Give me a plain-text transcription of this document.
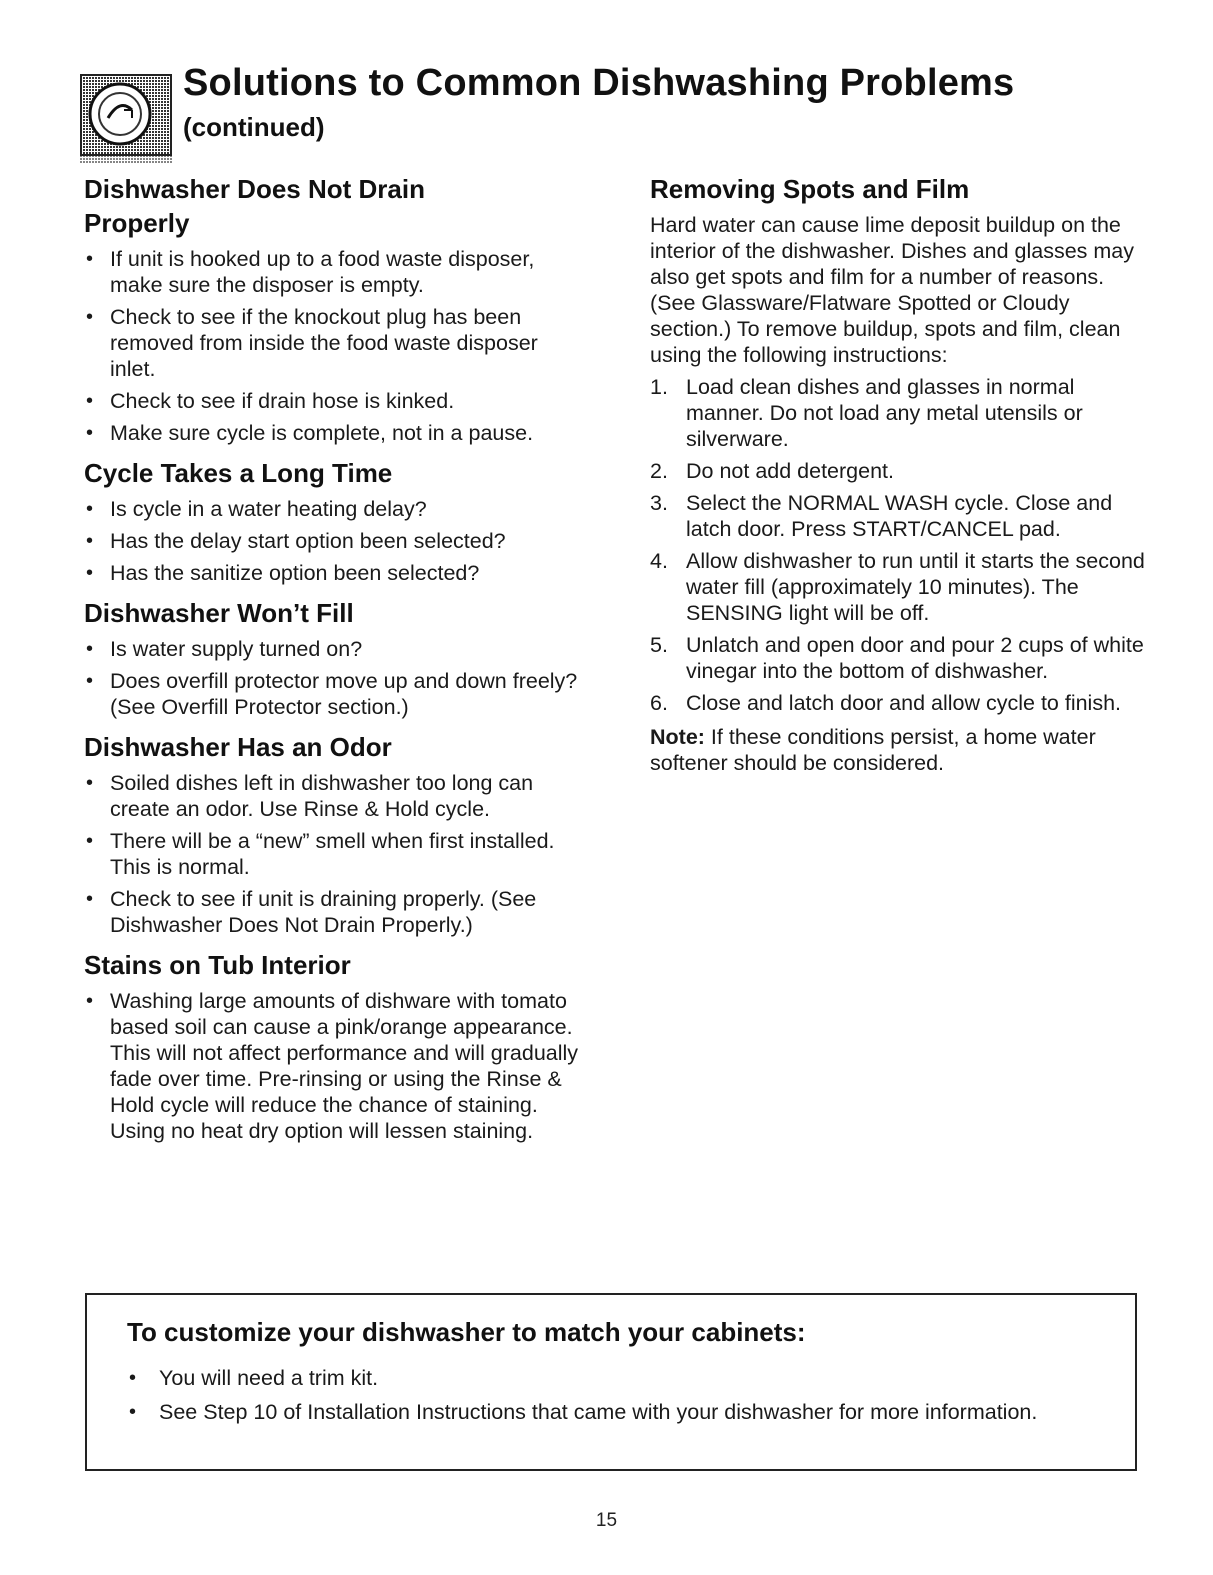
Solutions to Common Dishwashing Problems
(continued)
Dishwasher Does Not Drain Properly
• If unit is hooked up to a food waste disposer, make sure the disposer is empty.
• Check to see if the knockout plug has been removed from inside the food waste disposer inlet.
• Check to see if drain hose is kinked.
• Make sure cycle is complete, not in a pause.
Cycle Takes a Long Time
• Is cycle in a water heating delay?
• Has the delay start option been selected?
• Has the sanitize option been selected?
Dishwasher Won’t Fill
• Is water supply turned on?
• Does overfill protector move up and down freely? (See Overfill Protector section.)
Dishwasher Has an Odor
• Soiled dishes left in dishwasher too long can create an odor. Use Rinse & Hold cycle.
• There will be a “new” smell when first installed. This is normal.
• Check to see if unit is draining properly. (See Dishwasher Does Not Drain Properly.)
Stains on Tub Interior
• Washing large amounts of dishware with tomato based soil can cause a pink/orange appearance. This will not affect performance and will gradually fade over time. Pre-rinsing or using the Rinse & Hold cycle will reduce the chance of staining. Using no heat dry option will lessen staining.
Removing Spots and Film

Hard water can cause lime deposit buildup on the interior of the dishwasher. Dishes and glasses may also get spots and film for a number of reasons. (See Glassware/Flatware Spotted or Cloudy section.) To remove buildup, spots and film, clean using the following instructions:

1. Load clean dishes and glasses in normal manner. Do not load any metal utensils or silverware.
2. Do not add detergent.
3. Select the NORMAL WASH cycle. Close and latch door. Press START/CANCEL pad.
4. Allow dishwasher to run until it starts the second water fill (approximately 10 minutes). The SENSING light will be off.
5. Unlatch and open door and pour 2 cups of white vinegar into the bottom of dishwasher.
6. Close and latch door and allow cycle to finish.
Note: If these conditions persist, a home water softener should be considered.
To customize your dishwasher to match your cabinets:
• You will need a trim kit.
• See Step 10 of Installation Instructions that came with your dishwasher for more information.
15
